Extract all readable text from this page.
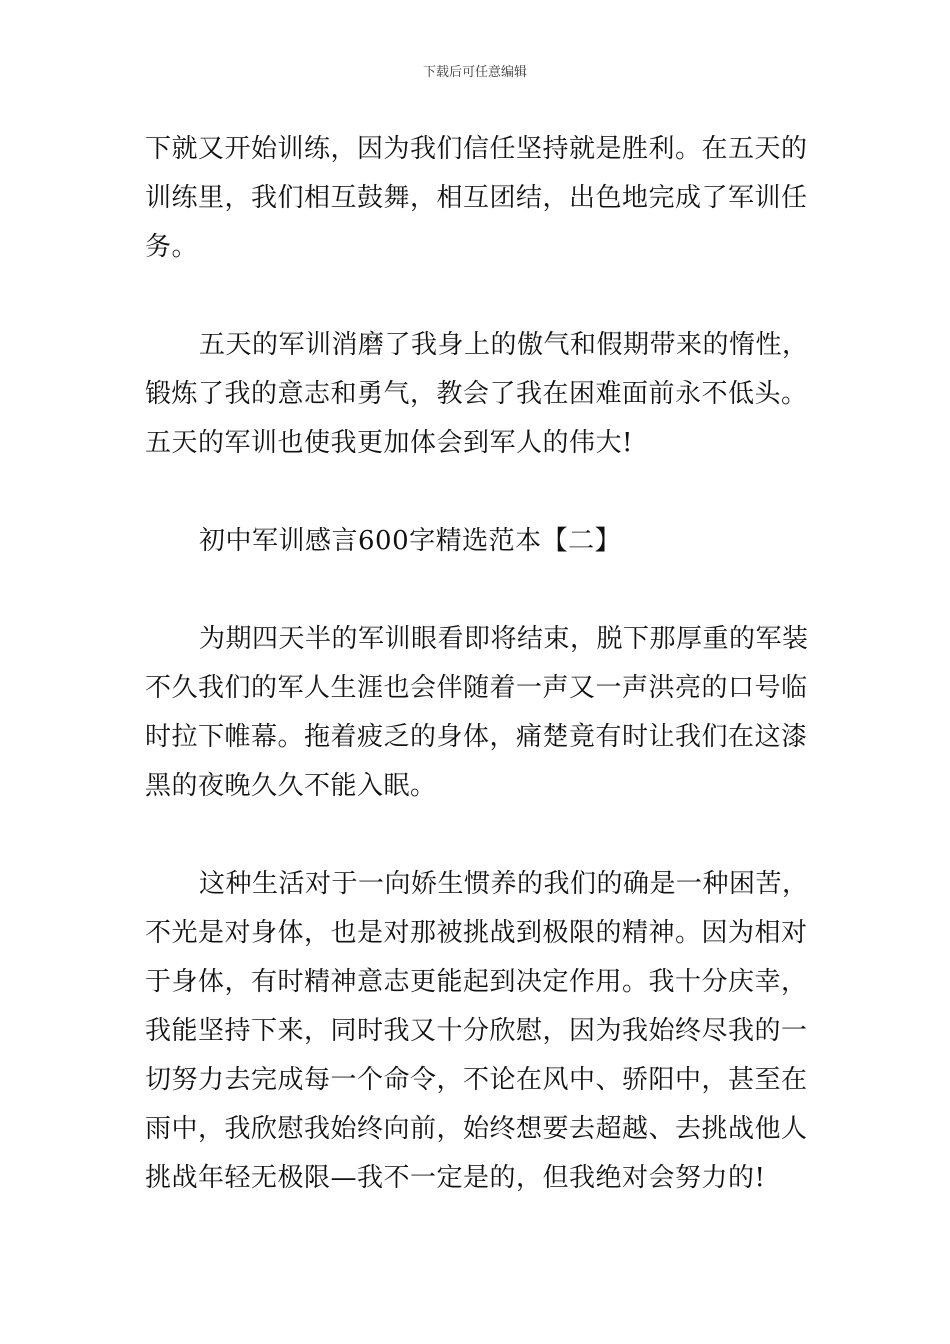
下载后可任意编辑

下就又开始训练，因为我们信任坚持就是胜利。在五天的训练里，我们相互鼓舞，相互团结，出色地完成了军训任务。

五天的军训消磨了我身上的傲气和假期带来的惰性，锻炼了我的意志和勇气，教会了我在困难面前永不低头。五天的军训也使我更加体会到军人的伟大!

初中军训感言600字精选范本【二】

为期四天半的军训眼看即将结束，脱下那厚重的军装不久我们的军人生涯也会伴随着一声又一声洪亮的口号临时拉下帷幕。拖着疲乏的身体，痛楚竟有时让我们在这漆黑的夜晚久久不能入眠。

这种生活对于一向娇生惯养的我们的确是一种困苦，不光是对身体，也是对那被挑战到极限的精神。因为相对于身体，有时精神意志更能起到决定作用。我十分庆幸，我能坚持下来，同时我又十分欣慰，因为我始终尽我的一切努力去完成每一个命令，不论在风中、骄阳中，甚至在雨中，我欣慰我始终向前，始终想要去超越、去挑战他人挑战年轻无极限—我不一定是的，但我绝对会努力的!
